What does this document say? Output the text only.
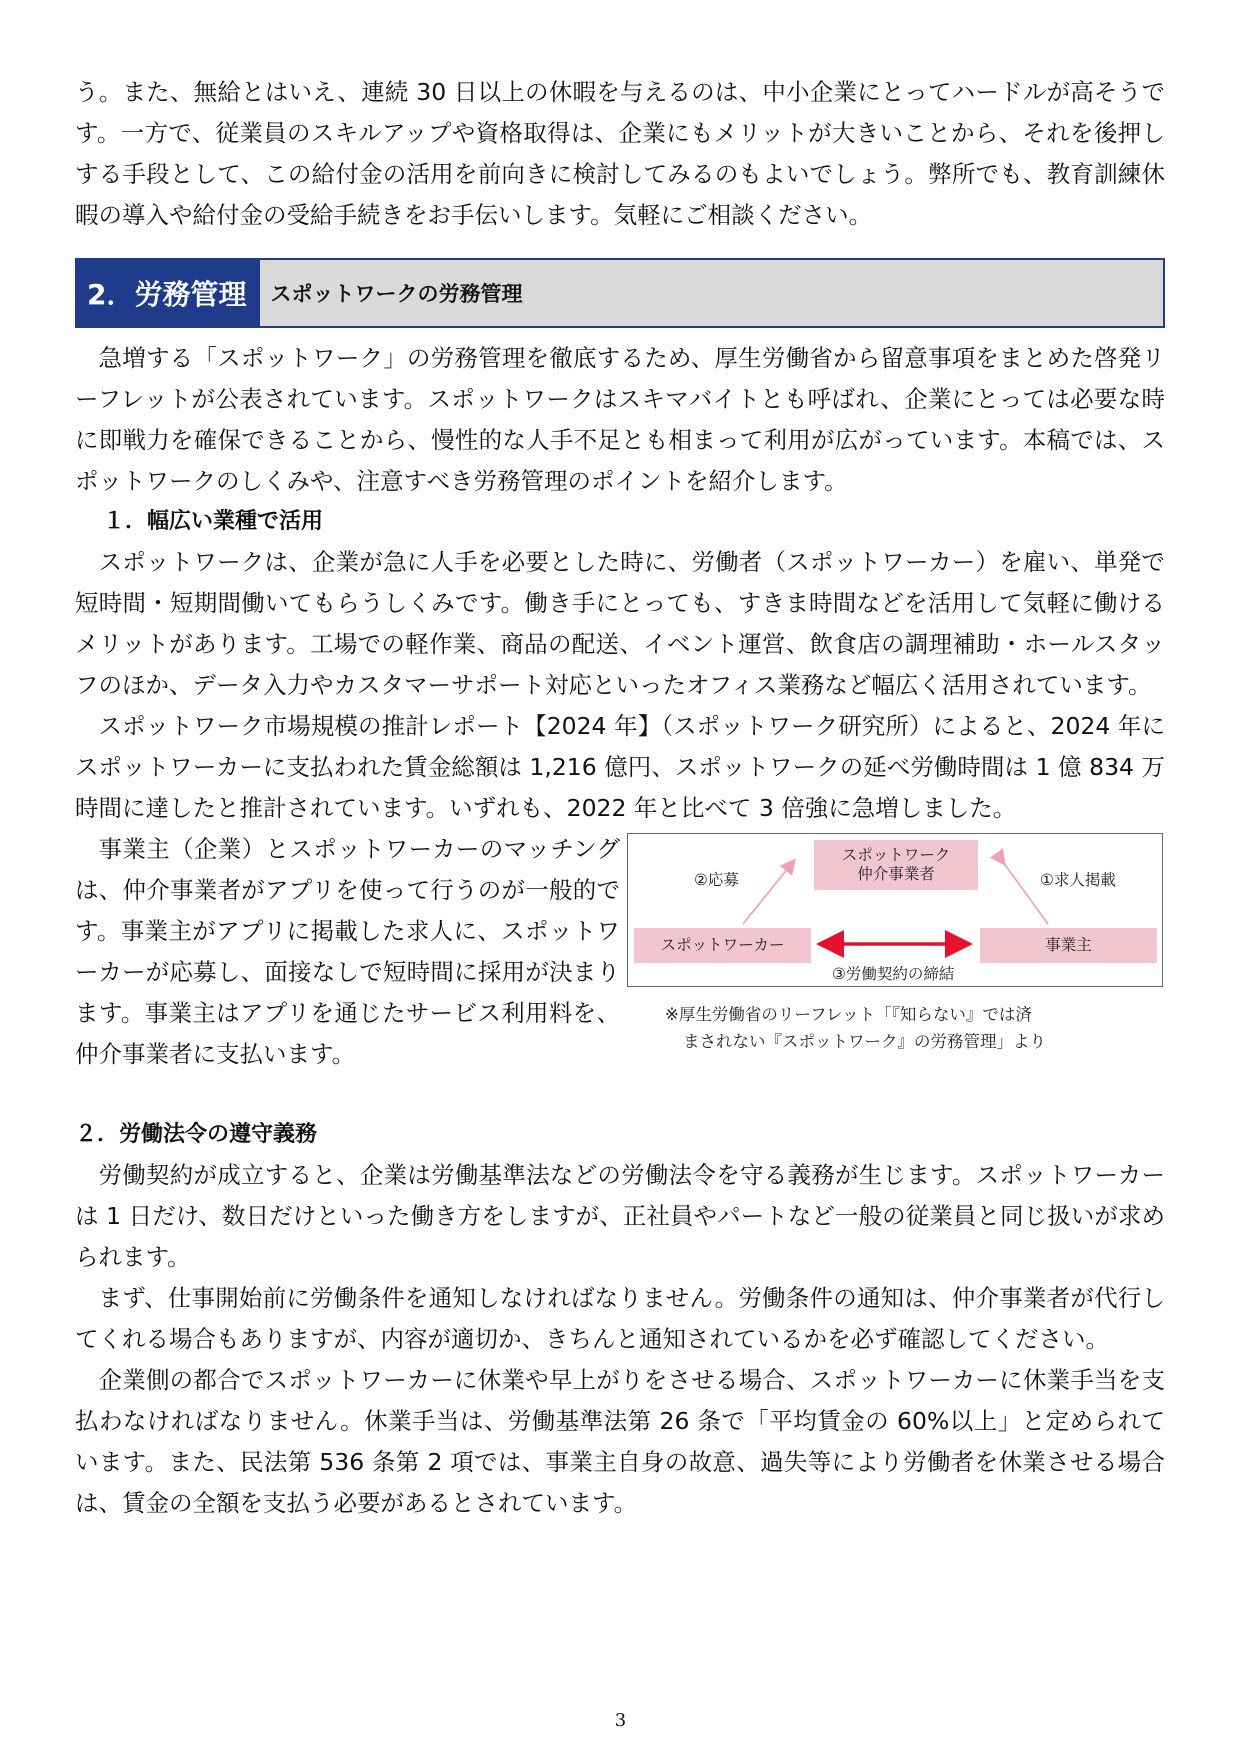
う。また、無給とはいえ、連続 30 日以上の休暇を与えるのは、中小企業にとってハードルが高そうです。一方で、従業員のスキルアップや資格取得は、企業にもメリットが大きいことから、それを後押しする手段として、この給付金の活用を前向きに検討してみるのもよいでしょう。弊所でも、教育訓練休暇の導入や給付金の受給手続きをお手伝いします。気軽にご相談ください。

2．労務管理	スポットワークの労務管理

急増する「スポットワーク」の労務管理を徹底するため、厚生労働省から留意事項をまとめた啓発リーフレットが公表されています。スポットワークはスキマバイトとも呼ばれ、企業にとっては必要な時に即戦力を確保できることから、慢性的な人手不足とも相まって利用が広がっています。本稿では、スポットワークのしくみや、注意すべき労務管理のポイントを紹介します。

１．幅広い業種で活用

スポットワークは、企業が急に人手を必要とした時に、労働者（スポットワーカー）を雇い、単発で短時間・短期間働いてもらうしくみです。働き手にとっても、すきま時間などを活用して気軽に働けるメリットがあります。工場での軽作業、商品の配送、イベント運営、飲食店の調理補助・ホールスタッフのほか、データ入力やカスタマーサポート対応といったオフィス業務など幅広く活用されています。

スポットワーク市場規模の推計レポート【2024 年】（スポットワーク研究所）によると、2024 年にスポットワーカーに支払われた賃金総額は 1,216 億円、スポットワークの延べ労働時間は 1 億 834 万時間に達したと推計されています。いずれも、2022 年と比べて 3 倍強に急増しました。

事業主（企業）とスポットワーカーのマッチングは、仲介事業者がアプリを使って行うのが一般的です。事業主がアプリに掲載した求人に、スポットワーカーが応募し、面接なしで短時間に採用が決まります。事業主はアプリを通じたサービス利用料を、仲介事業者に支払います。

スポットワーク
仲介事業者
スポットワーカー	事業主
②応募	①求人掲載
③労働契約の締結
※厚生労働省のリーフレット「『知らない』では済
まされない『スポットワーク』の労務管理」より
２．労働法令の遵守義務

労働契約が成立すると、企業は労働基準法などの労働法令を守る義務が生じます。スポットワーカーは 1 日だけ、数日だけといった働き方をしますが、正社員やパートなど一般の従業員と同じ扱いが求められます。

まず、仕事開始前に労働条件を通知しなければなりません。労働条件の通知は、仲介事業者が代行してくれる場合もありますが、内容が適切か、きちんと通知されているかを必ず確認してください。

企業側の都合でスポットワーカーに休業や早上がりをさせる場合、スポットワーカーに休業手当を支払わなければなりません。休業手当は、労働基準法第 26 条で「平均賃金の 60%以上」と定められています。また、民法第 536 条第 2 項では、事業主自身の故意、過失等により労働者を休業させる場合は、賃金の全額を支払う必要があるとされています。

3
